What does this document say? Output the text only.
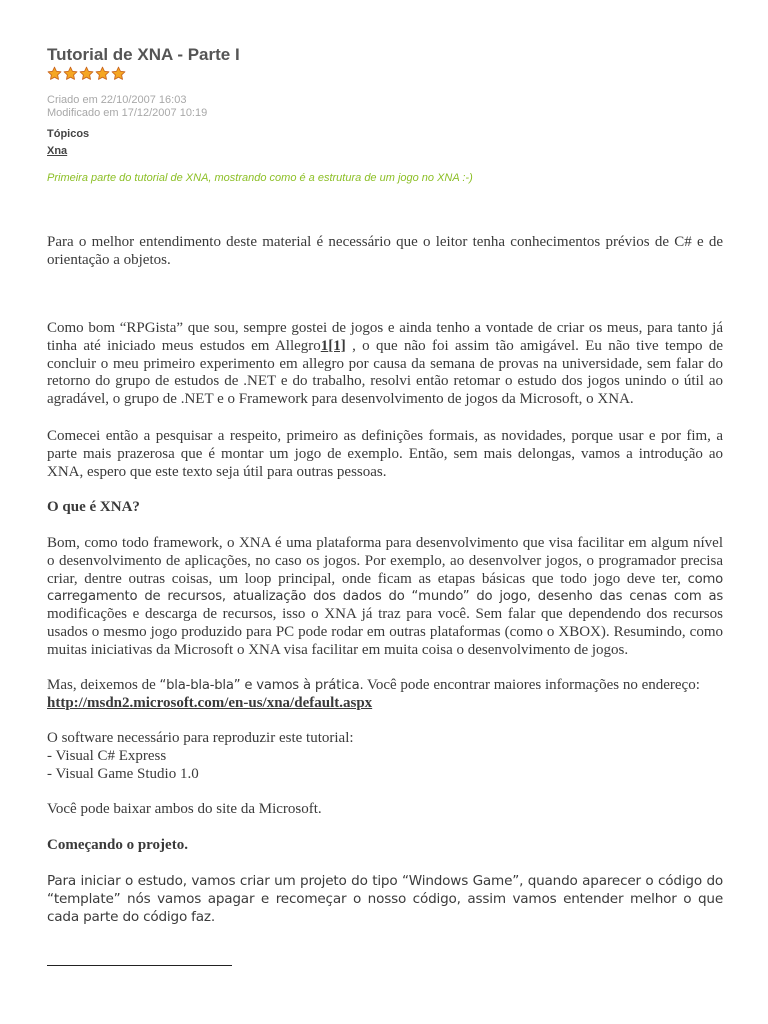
Tutorial de XNA - Parte I
Criado em 22/10/2007 16:03
Modificado em 17/12/2007 10:19
Tópicos
Xna
Primeira parte do tutorial de XNA, mostrando como é a estrutura de um jogo no XNA :-)

Para o melhor entendimento deste material é necessário que o leitor tenha conhecimentos prévios de C# e de orientação a objetos.

Como bom “RPGista” que sou, sempre gostei de jogos e ainda tenho a vontade de criar os meus, para tanto já tinha até iniciado meus estudos em Allegro1[1] , o que não foi assim tão amigável. Eu não tive tempo de concluir o meu primeiro experimento em allegro por causa da semana de provas na universidade, sem falar do retorno do grupo de estudos de .NET e do trabalho, resolvi então retomar o estudo dos jogos unindo o útil ao agradável, o grupo de .NET e o Framework para desenvolvimento de jogos da Microsoft, o XNA.

Comecei então a pesquisar a respeito, primeiro as definições formais, as novidades, porque usar e por fim, a parte mais prazerosa que é montar um jogo de exemplo. Então, sem mais delongas, vamos a introdução ao XNA, espero que este texto seja útil para outras pessoas.

O que é XNA?

Bom, como todo framework, o XNA é uma plataforma para desenvolvimento que visa facilitar em algum nível o desenvolvimento de aplicações, no caso os jogos. Por exemplo, ao desenvolver jogos, o programador precisa criar, dentre outras coisas, um loop principal, onde ficam as etapas básicas que todo jogo deve ter, como carregamento de recursos, atualização dos dados do “mundo” do jogo, desenho das cenas com as modificações e descarga de recursos, isso o XNA já traz para você. Sem falar que dependendo dos recursos usados o mesmo jogo produzido para PC pode rodar em outras plataformas (como o XBOX). Resumindo, como muitas iniciativas da Microsoft o XNA visa facilitar em muita coisa o desenvolvimento de jogos.

Mas, deixemos de “bla-bla-bla” e vamos à prática. Você pode encontrar maiores informações no endereço:
http://msdn2.microsoft.com/en-us/xna/default.aspx

O software necessário para reproduzir este tutorial:
- Visual C# Express
- Visual Game Studio 1.0

Você pode baixar ambos do site da Microsoft.

Começando o projeto.

Para iniciar o estudo, vamos criar um projeto do tipo “Windows Game”, quando aparecer o código do “template” nós vamos apagar e recomeçar o nosso código, assim vamos entender melhor o que cada parte do código faz.
